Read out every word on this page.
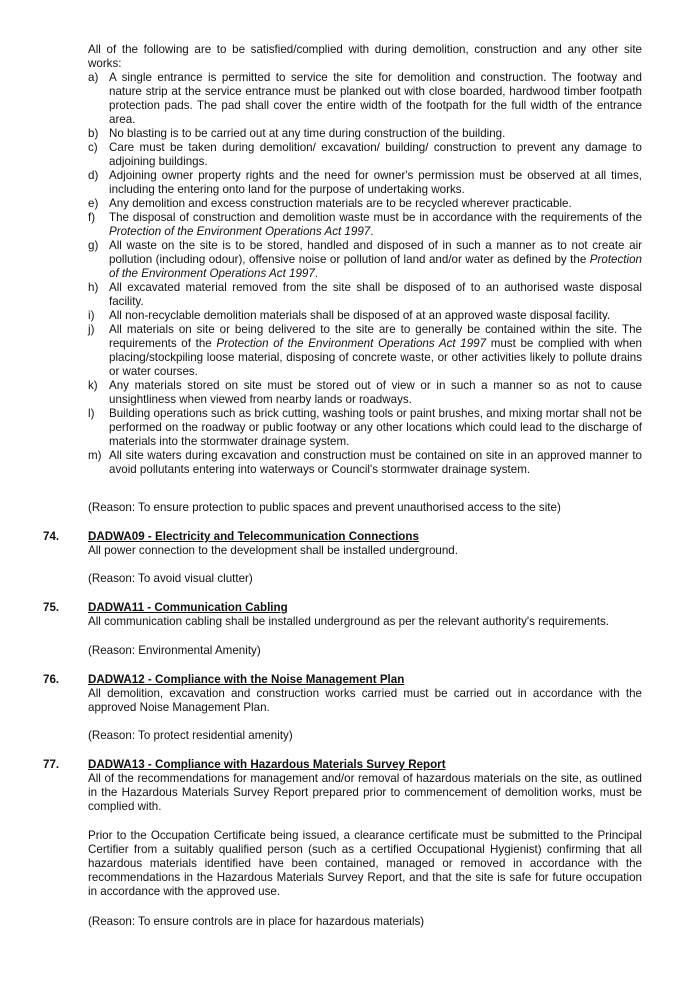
All of the following are to be satisfied/complied with during demolition, construction and any other site works:
a) A single entrance is permitted to service the site for demolition and construction. The footway and nature strip at the service entrance must be planked out with close boarded, hardwood timber footpath protection pads. The pad shall cover the entire width of the footpath for the full width of the entrance area.
b) No blasting is to be carried out at any time during construction of the building.
c) Care must be taken during demolition/ excavation/ building/ construction to prevent any damage to adjoining buildings.
d) Adjoining owner property rights and the need for owner's permission must be observed at all times, including the entering onto land for the purpose of undertaking works.
e) Any demolition and excess construction materials are to be recycled wherever practicable.
f) The disposal of construction and demolition waste must be in accordance with the requirements of the Protection of the Environment Operations Act 1997.
g) All waste on the site is to be stored, handled and disposed of in such a manner as to not create air pollution (including odour), offensive noise or pollution of land and/or water as defined by the Protection of the Environment Operations Act 1997.
h) All excavated material removed from the site shall be disposed of to an authorised waste disposal facility.
i) All non-recyclable demolition materials shall be disposed of at an approved waste disposal facility.
j) All materials on site or being delivered to the site are to generally be contained within the site. The requirements of the Protection of the Environment Operations Act 1997 must be complied with when placing/stockpiling loose material, disposing of concrete waste, or other activities likely to pollute drains or water courses.
k) Any materials stored on site must be stored out of view or in such a manner so as not to cause unsightliness when viewed from nearby lands or roadways.
l) Building operations such as brick cutting, washing tools or paint brushes, and mixing mortar shall not be performed on the roadway or public footway or any other locations which could lead to the discharge of materials into the stormwater drainage system.
m) All site waters during excavation and construction must be contained on site in an approved manner to avoid pollutants entering into waterways or Council's stormwater drainage system.
(Reason: To ensure protection to public spaces and prevent unauthorised access to the site)
74. DADWA09 - Electricity and Telecommunication Connections
All power connection to the development shall be installed underground.
(Reason: To avoid visual clutter)
75. DADWA11 - Communication Cabling
All communication cabling shall be installed underground as per the relevant authority's requirements.
(Reason: Environmental Amenity)
76. DADWA12 - Compliance with the Noise Management Plan
All demolition, excavation and construction works carried must be carried out in accordance with the approved Noise Management Plan.
(Reason: To protect residential amenity)
77. DADWA13 - Compliance with Hazardous Materials Survey Report
All of the recommendations for management and/or removal of hazardous materials on the site, as outlined in the Hazardous Materials Survey Report prepared prior to commencement of demolition works, must be complied with.
Prior to the Occupation Certificate being issued, a clearance certificate must be submitted to the Principal Certifier from a suitably qualified person (such as a certified Occupational Hygienist) confirming that all hazardous materials identified have been contained, managed or removed in accordance with the recommendations in the Hazardous Materials Survey Report, and that the site is safe for future occupation in accordance with the approved use.
(Reason: To ensure controls are in place for hazardous materials)
